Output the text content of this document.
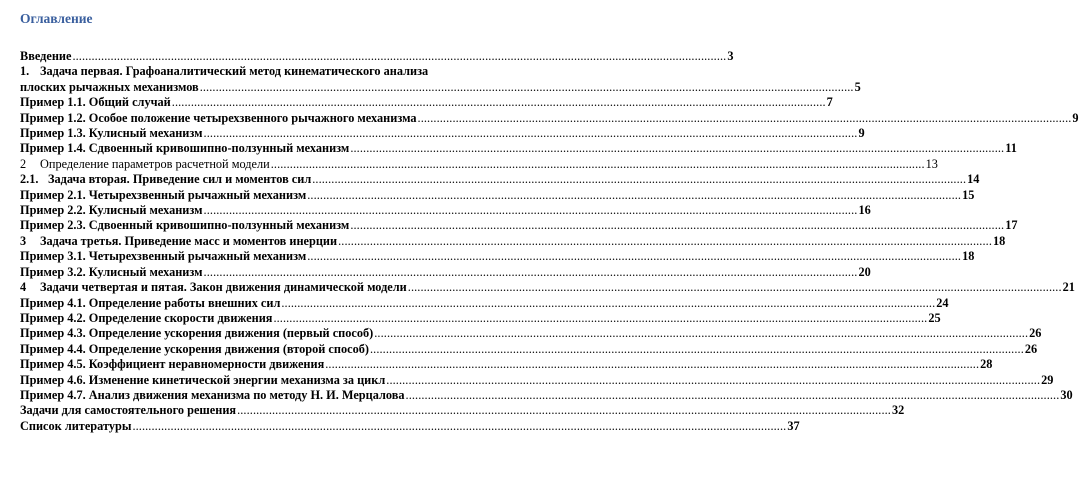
Оглавление
Введение .....	3
1. Задача первая. Графоаналитический метод кинематического анализа
плоских рычажных механизмов .....	5
Пример 1.1. Общий случай .....	7
Пример 1.2. Особое положение четырехзвенного рычажного механизма .....	9
Пример 1.3. Кулисный механизм .....	9
Пример 1.4. Сдвоенный кривошипно-ползунный механизм .....	11
2	Определение параметров расчетной модели .....	13
2.1. Задача вторая. Приведение сил и моментов сил .....	14
Пример 2.1. Четырехзвенный рычажный механизм .....	15
Пример 2.2. Кулисный механизм .....	16
Пример 2.3. Сдвоенный кривошипно-ползунный механизм .....	17
3	Задача третья. Приведение масс и моментов инерции .....	18
Пример 3.1. Четырехзвенный рычажный механизм .....	18
Пример 3.2. Кулисный механизм .....	20
4	Задачи четвертая и пятая. Закон движения динамической модели .....	21
Пример 4.1. Определение работы внешних сил .....	24
Пример 4.2. Определение скорости движения .....	25
Пример 4.3. Определение ускорения движения (первый способ) .....	26
Пример 4.4. Определение ускорения движения (второй способ) .....	26
Пример 4.5. Коэффициент неравномерности движения .....	28
Пример 4.6. Изменение кинетической энергии механизма за цикл .....	29
Пример 4.7. Анализ движения механизма по методу Н. И. Мерцалова .....	30
Задачи для самостоятельного решения .....	32
Список литературы .....	37
